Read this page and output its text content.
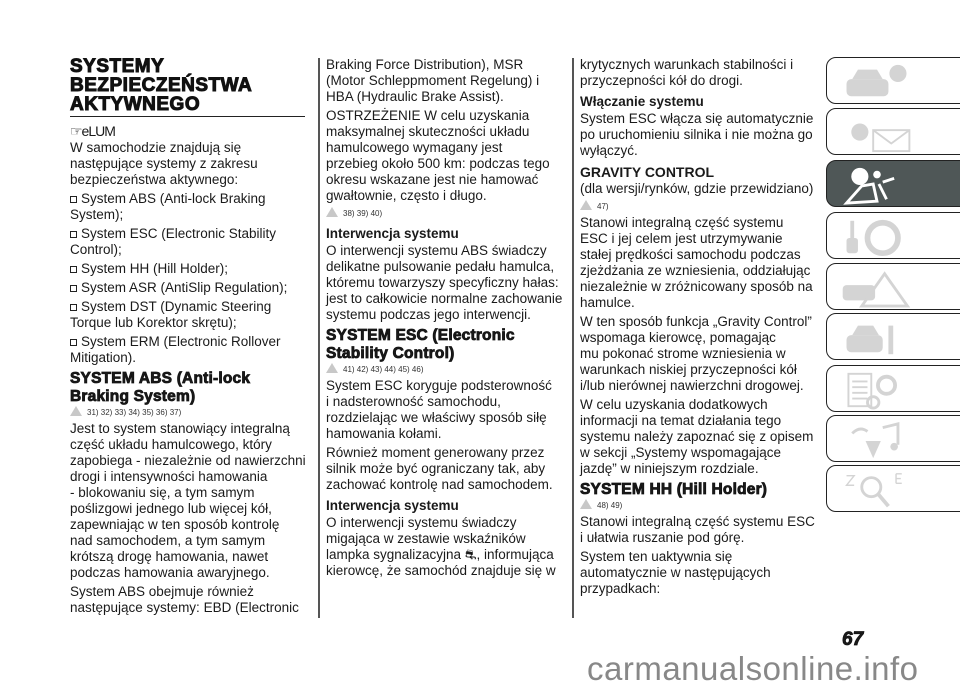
SYSTEMY
BEZPIECZEŃSTWA
AKTYWNEGO
☞eLUM
W samochodzie znajdują się
następujące systemy z zakresu
bezpieczeństwa aktywnego:
System ABS (Anti-lock Braking
System);
System ESC (Electronic Stability
Control);
System HH (Hill Holder);
System ASR (AntiSlip Regulation);
System DST (Dynamic Steering
Torque lub Korektor skrętu);
System ERM (Electronic Rollover
Mitigation).
SYSTEM ABS (Anti-lock
Braking System)
31) 32) 33) 34) 35) 36) 37)
Jest to system stanowiący integralną
część układu hamulcowego, który
zapobiega - niezależnie od nawierzchni
drogi i intensywności hamowania
- blokowaniu się, a tym samym
poślizgowi jednego lub więcej kół,
zapewniając w ten sposób kontrolę
nad samochodem, a tym samym
krótszą drogę hamowania, nawet
podczas hamowania awaryjnego.
System ABS obejmuje również
następujące systemy: EBD (Electronic
Braking Force Distribution), MSR
(Motor Schleppmoment Regelung) i
HBA (Hydraulic Brake Assist).
OSTRZEŻENIE W celu uzyskania
maksymalnej skuteczności układu
hamulcowego wymagany jest
przebieg około 500 km: podczas tego
okresu wskazane jest nie hamować
gwałtownie, często i długo.
38) 39) 40)
Interwencja systemu
O interwencji systemu ABS świadczy
delikatne pulsowanie pedału hamulca,
któremu towarzyszy specyficzny hałas:
jest to całkowicie normalne zachowanie
systemu podczas jego interwencji.
SYSTEM ESC (Electronic
Stability Control)
41) 42) 43) 44) 45) 46)
System ESC koryguje podsterowność
i nadsterowność samochodu,
rozdzielając we właściwy sposób siłę
hamowania kołami.
Również moment generowany przez
silnik może być ograniczany tak, aby
zachować kontrolę nad samochodem.
Interwencja systemu
O interwencji systemu świadczy
migająca w zestawie wskaźników
lampka sygnalizacyjna ⛐, informująca
kierowcę, że samochód znajduje się w
krytycznych warunkach stabilności i
przyczepności kół do drogi.
Włączanie systemu
System ESC włącza się automatycznie
po uruchomieniu silnika i nie można go
wyłączyć.
GRAVITY CONTROL
(dla wersji/rynków, gdzie przewidziano)
47)
Stanowi integralną część systemu
ESC i jej celem jest utrzymywanie
stałej prędkości samochodu podczas
zjeżdżania ze wzniesienia, oddziałując
niezależnie w zróżnicowany sposób na
hamulce.
W ten sposób funkcja „Gravity Control”
wspomaga kierowcę, pomagając
mu pokonać strome wzniesienia w
warunkach niskiej przyczepności kół
i/lub nierównej nawierzchni drogowej.
W celu uzyskania dodatkowych
informacji na temat działania tego
systemu należy zapoznać się z opisem
w sekcji „Systemy wspomagające
jazdę” w niniejszym rozdziale.
SYSTEM HH (Hill Holder)
48) 49)
Stanowi integralną część systemu ESC
i ułatwia ruszanie pod górę.
System ten uaktywnia się
automatycznie w następujących
przypadkach:
67
carmanualsonline.info
